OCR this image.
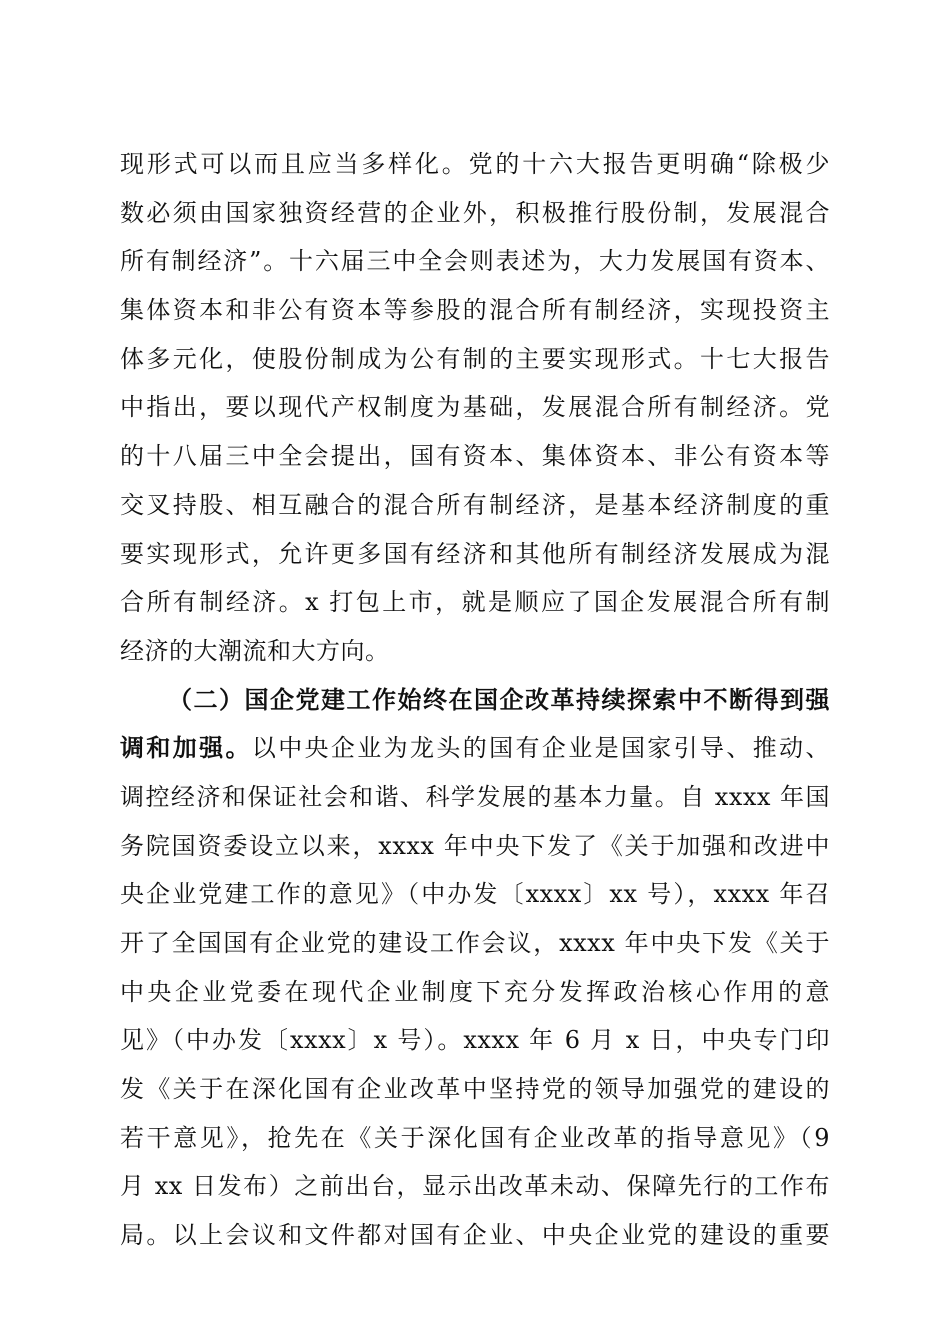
现形式可以而且应当多样化。党的十六大报告更明确“除极少
数必须由国家独资经营的企业外，积极推行股份制，发展混合
所有制经济”。十六届三中全会则表述为，大力发展国有资本、
集体资本和非公有资本等参股的混合所有制经济，实现投资主
体多元化，使股份制成为公有制的主要实现形式。十七大报告
中指出，要以现代产权制度为基础，发展混合所有制经济。党
的十八届三中全会提出，国有资本、集体资本、非公有资本等
交叉持股、相互融合的混合所有制经济，是基本经济制度的重
要实现形式，允许更多国有经济和其他所有制经济发展成为混
合所有制经济。x 打包上市，就是顺应了国企发展混合所有制
经济的大潮流和大方向。
（二）国企党建工作始终在国企改革持续探索中不断得到强
调和加强。以中央企业为龙头的国有企业是国家引导、推动、
调控经济和保证社会和谐、科学发展的基本力量。自 xxxx 年国
务院国资委设立以来，xxxx 年中央下发了《关于加强和改进中
央企业党建工作的意见》（中办发〔xxxx〕xx 号），xxxx 年召
开了全国国有企业党的建设工作会议，xxxx 年中央下发《关于
中央企业党委在现代企业制度下充分发挥政治核心作用的意
见》（中办发〔xxxx〕x 号）。xxxx 年 6 月 x 日，中央专门印
发《关于在深化国有企业改革中坚持党的领导加强党的建设的
若干意见》，抢先在《关于深化国有企业改革的指导意见》（9
月 xx 日发布）之前出台，显示出改革未动、保障先行的工作布
局。以上会议和文件都对国有企业、中央企业党的建设的重要
